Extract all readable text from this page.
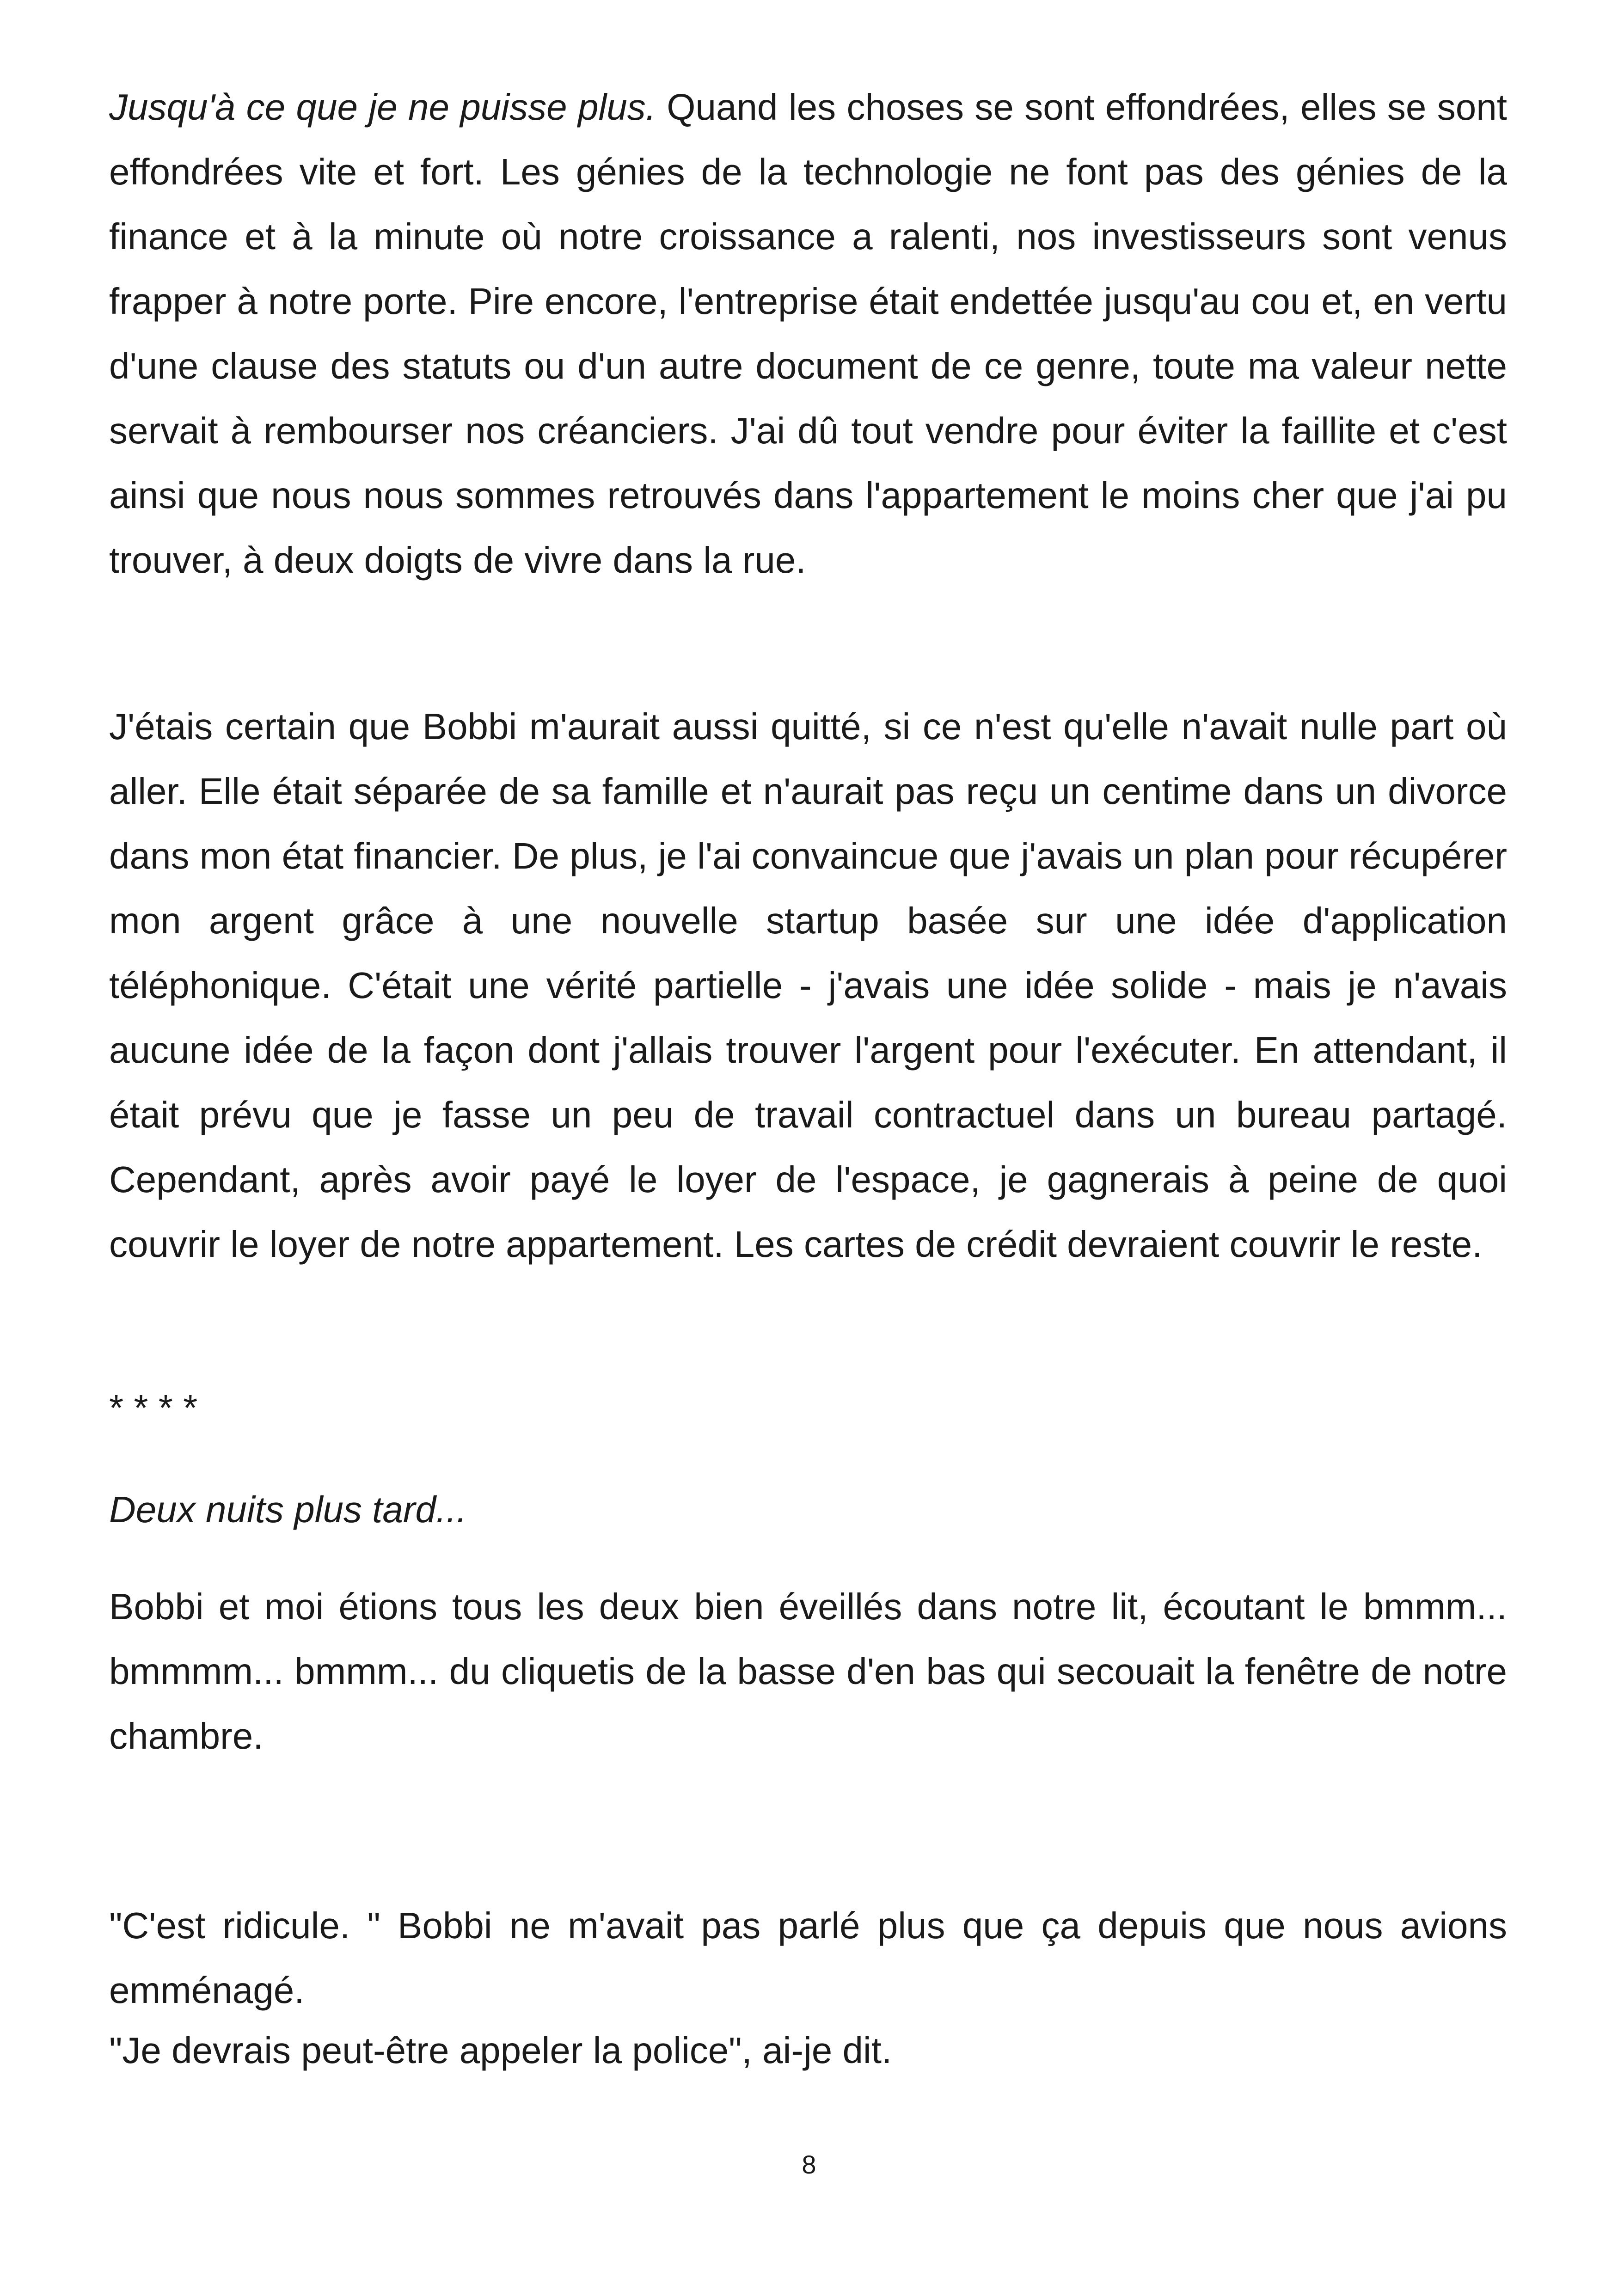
Jusqu'à ce que je ne puisse plus. Quand les choses se sont effondrées, elles se sont effondrées vite et fort. Les génies de la technologie ne font pas des génies de la finance et à la minute où notre croissance a ralenti, nos investisseurs sont venus frapper à notre porte. Pire encore, l'entreprise était endettée jusqu'au cou et, en vertu d'une clause des statuts ou d'un autre document de ce genre, toute ma valeur nette servait à rembourser nos créanciers. J'ai dû tout vendre pour éviter la faillite et c'est ainsi que nous nous sommes retrouvés dans l'appartement le moins cher que j'ai pu trouver, à deux doigts de vivre dans la rue.

J'étais certain que Bobbi m'aurait aussi quitté, si ce n'est qu'elle n'avait nulle part où aller. Elle était séparée de sa famille et n'aurait pas reçu un centime dans un divorce dans mon état financier. De plus, je l'ai convaincue que j'avais un plan pour récupérer mon argent grâce à une nouvelle startup basée sur une idée d'application téléphonique. C'était une vérité partielle - j'avais une idée solide - mais je n'avais aucune idée de la façon dont j'allais trouver l'argent pour l'exécuter. En attendant, il était prévu que je fasse un peu de travail contractuel dans un bureau partagé. Cependant, après avoir payé le loyer de l'espace, je gagnerais à peine de quoi couvrir le loyer de notre appartement. Les cartes de crédit devraient couvrir le reste.

* * * *

Deux nuits plus tard...

Bobbi et moi étions tous les deux bien éveillés dans notre lit, écoutant le bmmm... bmmmm... bmmm... du cliquetis de la basse d'en bas qui secouait la fenêtre de notre chambre.

"C'est ridicule. " Bobbi ne m'avait pas parlé plus que ça depuis que nous avions emménagé.

"Je devrais peut-être appeler la police", ai-je dit.

8
